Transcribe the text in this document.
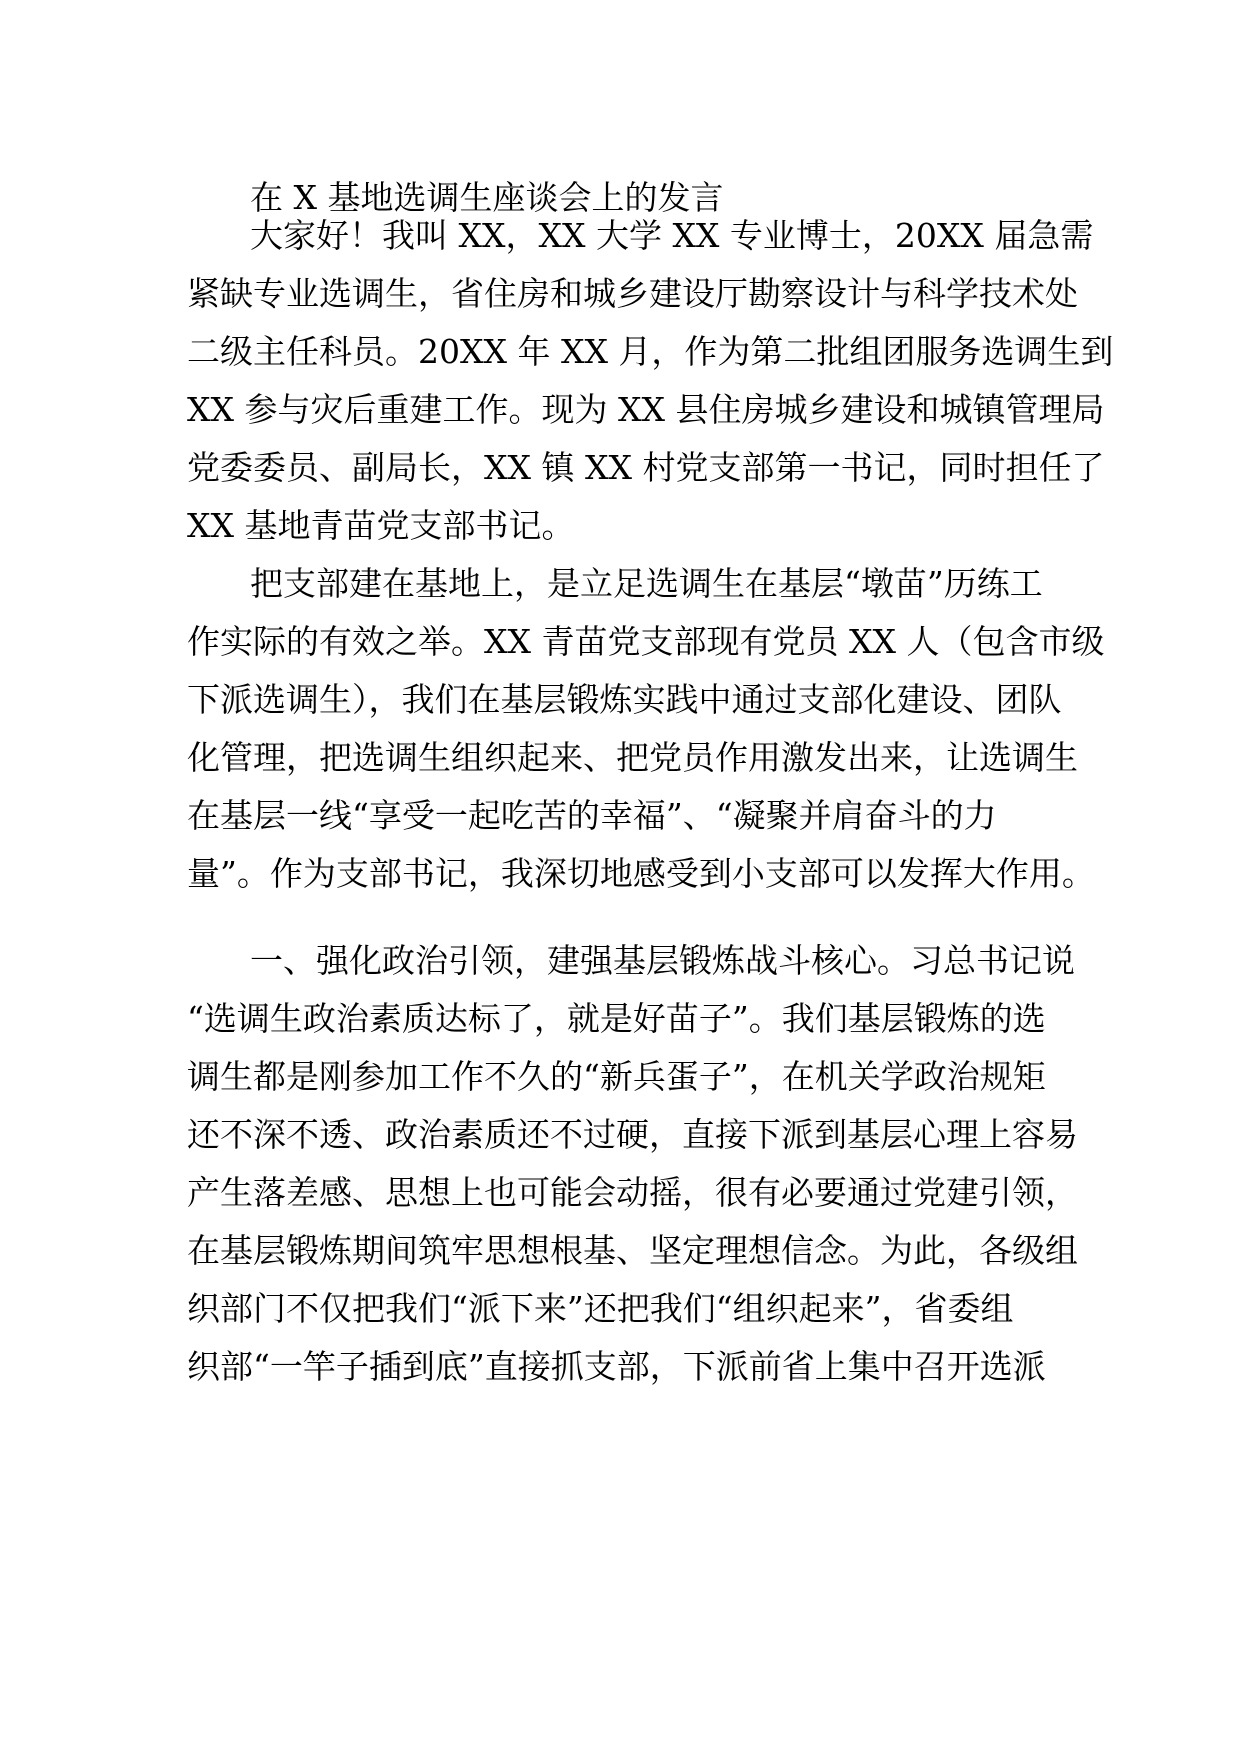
在 X 基地选调生座谈会上的发言
大家好！我叫 XX，XX 大学 XX 专业博士，20XX 届急需
紧缺专业选调生，省住房和城乡建设厅勘察设计与科学技术处
二级主任科员。20XX 年 XX 月，作为第二批组团服务选调生到
XX 参与灾后重建工作。现为 XX 县住房城乡建设和城镇管理局
党委委员、副局长，XX 镇 XX 村党支部第一书记，同时担任了
XX 基地青苗党支部书记。
把支部建在基地上，是立足选调生在基层“墩苗”历练工
作实际的有效之举。XX 青苗党支部现有党员 XX 人（包含市级
下派选调生），我们在基层锻炼实践中通过支部化建设、团队
化管理，把选调生组织起来、把党员作用激发出来，让选调生
在基层一线“享受一起吃苦的幸福”、“凝聚并肩奋斗的力
量”。作为支部书记，我深切地感受到小支部可以发挥大作用。
一、强化政治引领，建强基层锻炼战斗核心。习总书记说
“选调生政治素质达标了，就是好苗子”。我们基层锻炼的选
调生都是刚参加工作不久的“新兵蛋子”，在机关学政治规矩
还不深不透、政治素质还不过硬，直接下派到基层心理上容易
产生落差感、思想上也可能会动摇，很有必要通过党建引领，
在基层锻炼期间筑牢思想根基、坚定理想信念。为此，各级组
织部门不仅把我们“派下来”还把我们“组织起来”，省委组
织部“一竿子插到底”直接抓支部，下派前省上集中召开选派
